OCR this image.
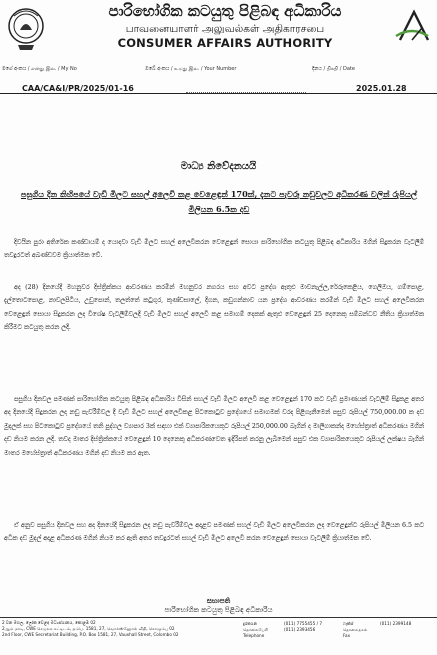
පාරිභෝගික කටයුතු පිළිබඳ අධිකාරිය
பாவனையாளர் அலுவல்கள் அதிகாரசபை
CONSUMER AFFAIRS AUTHORITY
මගේ අංකය / எனது இல. / My No
CAA/CA&I/PR/2025/01-16
ඔබේ අංකය / உமது இல. / Your Number	දිනය / திகதி / Date
2025.01.28
මාධ්‍ය නිවේදනයයි
පසුගිය දින කිහිපයේ වැඩි මිලට සහල් අලෙවි කළ වෙළෙඳුන් 170ක්, දැනට පැවරූ නඩුවලට අධිකරණ වලින් රුපියල් මිලියන 6.5ක දඩ
දිවයින පුරා අතිරේක කණ්ඩායම් ද යොදවා වැඩි මිලට සහල් අලෙවිකරන වෙළෙඳුන් සොයා පාරිභෝගික කටයුතු පිළිබඳ අධිකාරිය මගින් සිදුකරන වැටලීම් තවදුරටත් අඛණ්ඩවම ක්‍රියාත්මක වේ.
අද (28) දිනයේදී මහනුවර දිස්ත්‍රික්කය ආවරණය කරමින් මහනුවර නගරය සහ අවට ප්‍රදේශ ඇතුළු මාවනැල්ල,රේරුකෙළිය, ගෙලිඔය, ගම්පොළ, දැල්තොටපොළ, නාවලපිටිය, උඩුපොන්, තලත්තේ කටුගුර, කුණ්ඩසාලේ, දිගන, කඩුගන්නාව යන ප්‍රදේශ ආවරණය කරමින් වැඩි මිලට සහල් අලෙවිකරන වෙළෙඳුන් සොයා සිදුකරන ලද විශේෂ වැටලීම්වලදී වැඩි මිලට සහල් අලෙවි කළ සමාගම් දෙකක් ඇතුළු වෙළෙඳුන් 25 දෙනෙකු සම්බන්ධව නීතිය ක්‍රියාත්මක කිරීමට කටයුතු කරන ලදී.
පසුගිය දිනවල පමණක් පාරිභෝගික කටයුතු පිළිබඳ අධිකාරිය විසින් සහල් වැඩි මිලට අලෙවි කළ වෙළෙඳුන් 170 කට වැඩි ප්‍රමාණයක් වැටලීම් සිදුකළ අතර අද දිනයේදී සිදුකරන ලද නඩු පැවරීම්වල දී වැඩි මිලට සහල් අලෙවිකළ පිටකොටුව ප්‍රදේශයේ සමාගමක් වරද පිළිගැනීමෙන් පසුව රුපියල් 750,000.00 ක දඩ මුදලක් සහ පිටකොටුව ප්‍රදේශයේ තනි පුද්ගල ව්‍යාපාර 3ක් සඳහා එක් ව්‍යාපාරිකයෙකුට රුපියල් 250,000.00 බැගින් ද මාලිගාකන්ද මහේස්ත්‍රාත් අධිකරණය මගින් දඩ නියම කරන ලදි. තවද මාතර දිස්ත්‍රික්කයේ වෙළෙඳුන් 10 දෙනෙකු අධිකරණවෙත ඉදිරිපත් කරනු ලැබීමෙන් පසුව එක ව්‍යාපාරිකයෙකුට රුපියල් ලක්ෂය බැගින් මාතර මහේස්ත්‍රාත් අධිකරණය මගින් දඩ නියම කර ඇත.
ඒ අනුව පසුගිය දිනවල සහ අද දිනයේදී සිදුකරන ලද නඩු පැවරීම්වල අදාළව පමණක් සහල් වැඩි මිලට අලෙවිකරන ලද වෙළෙඳුන්ට රුපියල් මිලියන 6.5 කට අධික දඩ මුදල් අදාළ අධිකරණ මගින් නියම කර ඇති අතර තවදුරටත් සහල් වැඩි මිලට අලෙවි කරන වෙළෙඳුන් සොයා වැටලීම් ක්‍රියාත්මක වේ.
සභාපති
පාරිභෝගික කටයුතු පිළිබඳ අධිකාරිය
2 වන මහල, ලෝක වෙළඳ මධ්‍යස්ථානය, කොළඹ 02
2ஆம் மாடி, CWE செயலக கட்டிடம், த.பெ. 1581, 27, வொக்ஸ்ஹோல் வீதி, கொழும்பு 02
2nd Floor, CWE Secretariat Building, P.O. Box 1581, 27, Vauxhall Street, Colombo 02
දුරකථන
தொலைபேசி
Telephone
(011) 7755455 / 7
(011) 2393456
ෆැක්ස්
தொலைநகல்
Fax
(011) 2399148
